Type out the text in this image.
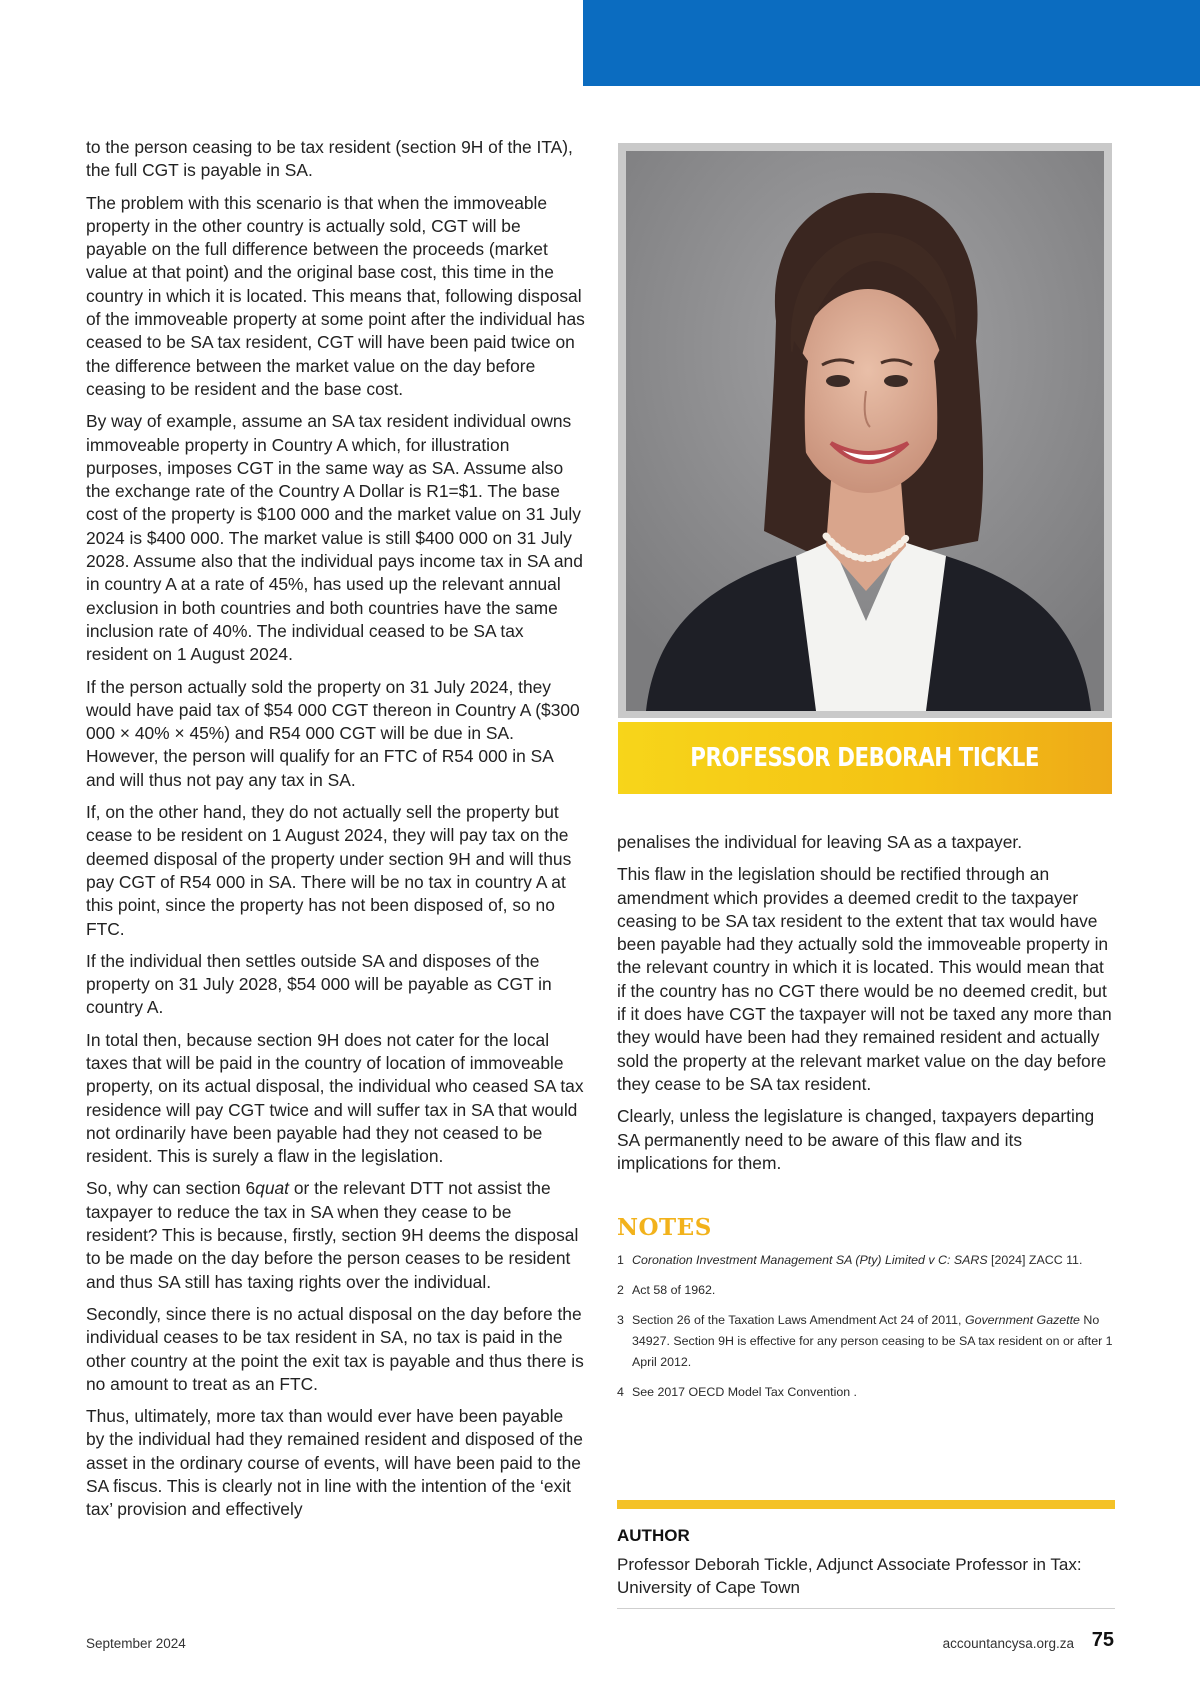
to the person ceasing to be tax resident (section 9H of the ITA), the full CGT is payable in SA.

The problem with this scenario is that when the immoveable property in the other country is actually sold, CGT will be payable on the full difference between the proceeds (market value at that point) and the original base cost, this time in the country in which it is located. This means that, following disposal of the immoveable property at some point after the individual has ceased to be SA tax resident, CGT will have been paid twice on the difference between the market value on the day before ceasing to be resident and the base cost.

By way of example, assume an SA tax resident individual owns immoveable property in Country A which, for illustration purposes, imposes CGT in the same way as SA. Assume also the exchange rate of the Country A Dollar is R1=$1. The base cost of the property is $100 000 and the market value on 31 July 2024 is $400 000. The market value is still $400 000 on 31 July 2028. Assume also that the individual pays income tax in SA and in country A at a rate of 45%, has used up the relevant annual exclusion in both countries and both countries have the same inclusion rate of 40%. The individual ceased to be SA tax resident on 1 August 2024.

If the person actually sold the property on 31 July 2024, they would have paid tax of $54 000 CGT thereon in Country A ($300 000 × 40% × 45%) and R54 000 CGT will be due in SA. However, the person will qualify for an FTC of R54 000 in SA and will thus not pay any tax in SA.

If, on the other hand, they do not actually sell the property but cease to be resident on 1 August 2024, they will pay tax on the deemed disposal of the property under section 9H and will thus pay CGT of R54 000 in SA. There will be no tax in country A at this point, since the property has not been disposed of, so no FTC.

If the individual then settles outside SA and disposes of the property on 31 July 2028, $54 000 will be payable as CGT in country A.

In total then, because section 9H does not cater for the local taxes that will be paid in the country of location of immoveable property, on its actual disposal, the individual who ceased SA tax residence will pay CGT twice and will suffer tax in SA that would not ordinarily have been payable had they not ceased to be resident. This is surely a flaw in the legislation.

So, why can section 6quat or the relevant DTT not assist the taxpayer to reduce the tax in SA when they cease to be resident? This is because, firstly, section 9H deems the disposal to be made on the day before the person ceases to be resident and thus SA still has taxing rights over the individual.

Secondly, since there is no actual disposal on the day before the individual ceases to be tax resident in SA, no tax is paid in the other country at the point the exit tax is payable and thus there is no amount to treat as an FTC.

Thus, ultimately, more tax than would ever have been payable by the individual had they remained resident and disposed of the asset in the ordinary course of events, will have been paid to the SA fiscus. This is clearly not in line with the intention of the ‘exit tax’ provision and effectively

PROFESSOR DEBORAH TICKLE

penalises the individual for leaving SA as a taxpayer.

This flaw in the legislation should be rectified through an amendment which provides a deemed credit to the taxpayer ceasing to be SA tax resident to the extent that tax would have been payable had they actually sold the immoveable property in the relevant country in which it is located. This would mean that if the country has no CGT there would be no deemed credit, but if it does have CGT the taxpayer will not be taxed any more than they would have been had they remained resident and actually sold the property at the relevant market value on the day before they cease to be SA tax resident.

Clearly, unless the legislature is changed, taxpayers departing SA permanently need to be aware of this flaw and its implications for them.

NOTES
1 Coronation Investment Management SA (Pty) Limited v C: SARS [2024] ZACC 11.
2 Act 58 of 1962.
3 Section 26 of the Taxation Laws Amendment Act 24 of 2011, Government Gazette No 34927. Section 9H is effective for any person ceasing to be SA tax resident on or after 1 April 2012.
4 See 2017 OECD Model Tax Convention .
AUTHOR
Professor Deborah Tickle, Adjunct Associate Professor in Tax: University of Cape Town
September 2024	accountancysa.org.za 75
